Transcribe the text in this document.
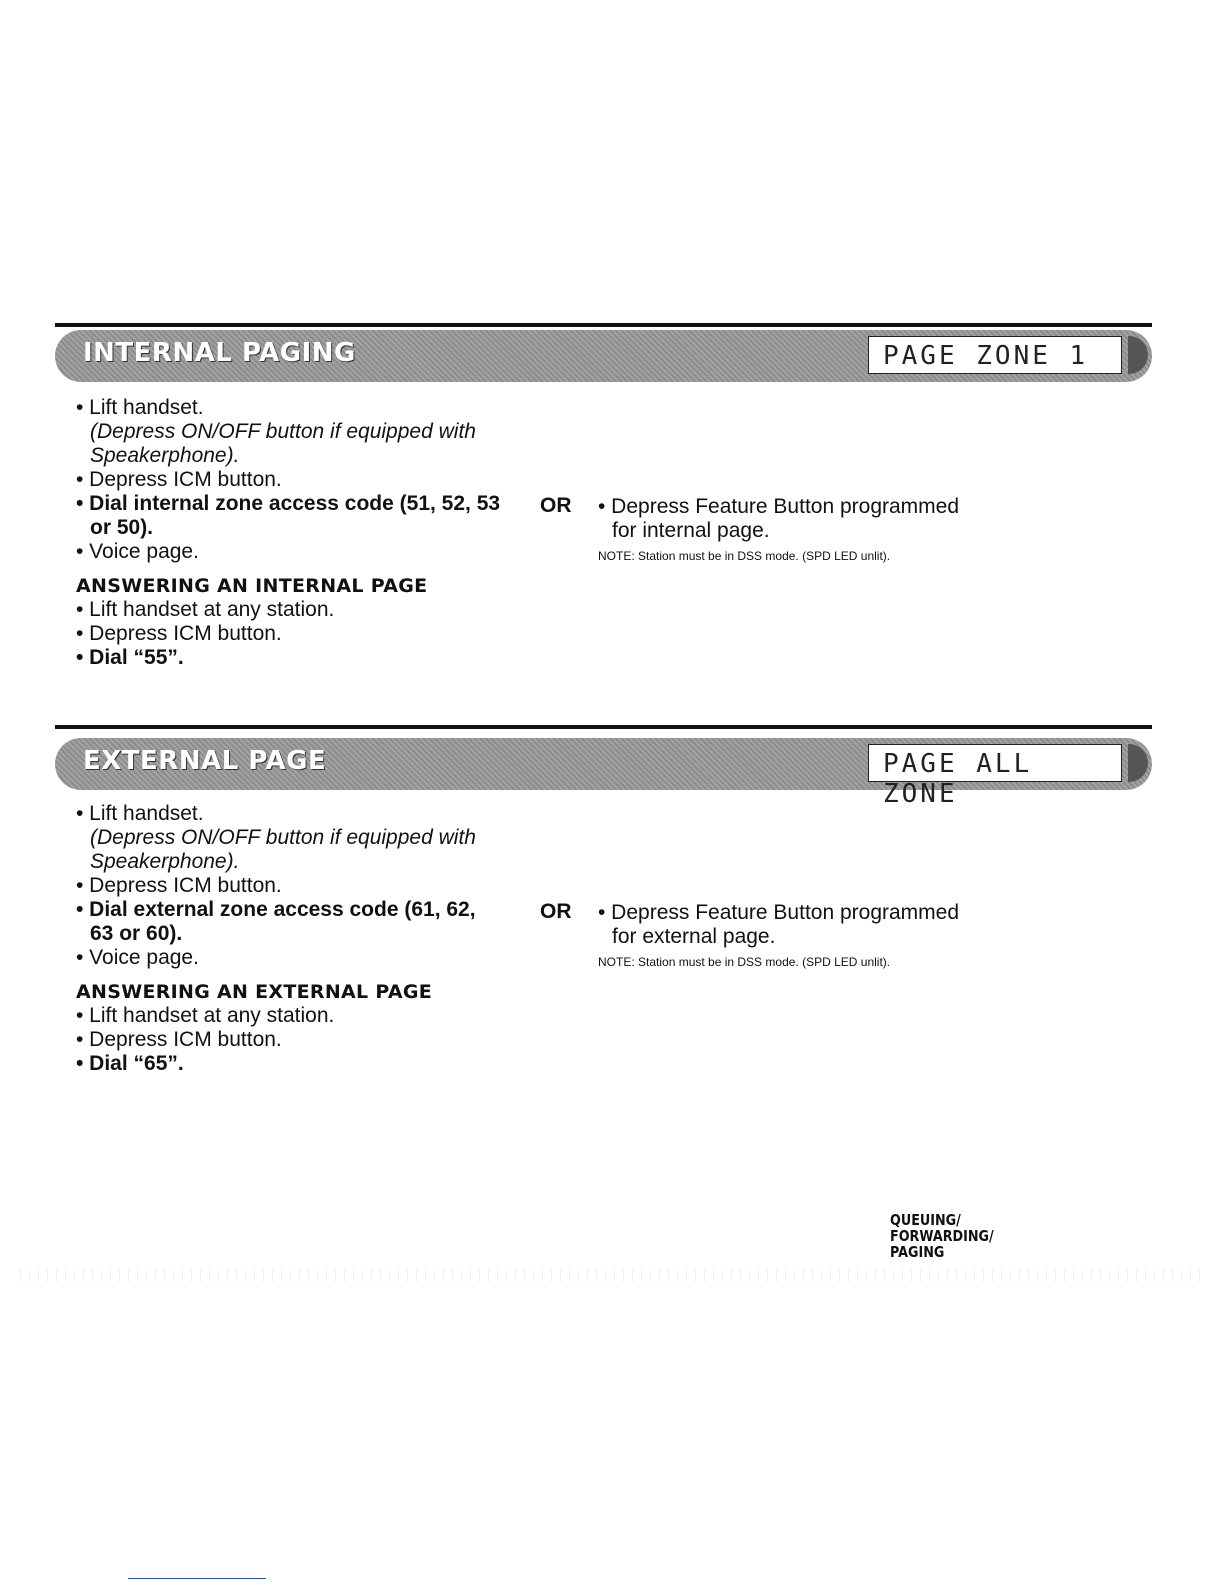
INTERNAL PAGING	PAGE ZONE 1
• Lift handset.
(Depress ON/OFF button if equipped with
Speakerphone).
• Depress ICM button.
• Dial internal zone access code (51, 52, 53
or 50).
• Voice page.
ANSWERING AN INTERNAL PAGE
• Lift handset at any station.
• Depress ICM button.
• Dial “55”.
OR • Depress Feature Button programmed
for internal page.
NOTE: Station must be in DSS mode. (SPD LED unlit).
EXTERNAL PAGE	PAGE ALL ZONE
• Lift handset.
(Depress ON/OFF button if equipped with
Speakerphone).
• Depress ICM button.
• Dial external zone access code (61, 62,
63 or 60).
• Voice page.
ANSWERING AN EXTERNAL PAGE
• Lift handset at any station.
• Depress ICM button.
• Dial “65”.
OR • Depress Feature Button programmed
for external page.
NOTE: Station must be in DSS mode. (SPD LED unlit).
QUEUING/
FORWARDING/
PAGING
